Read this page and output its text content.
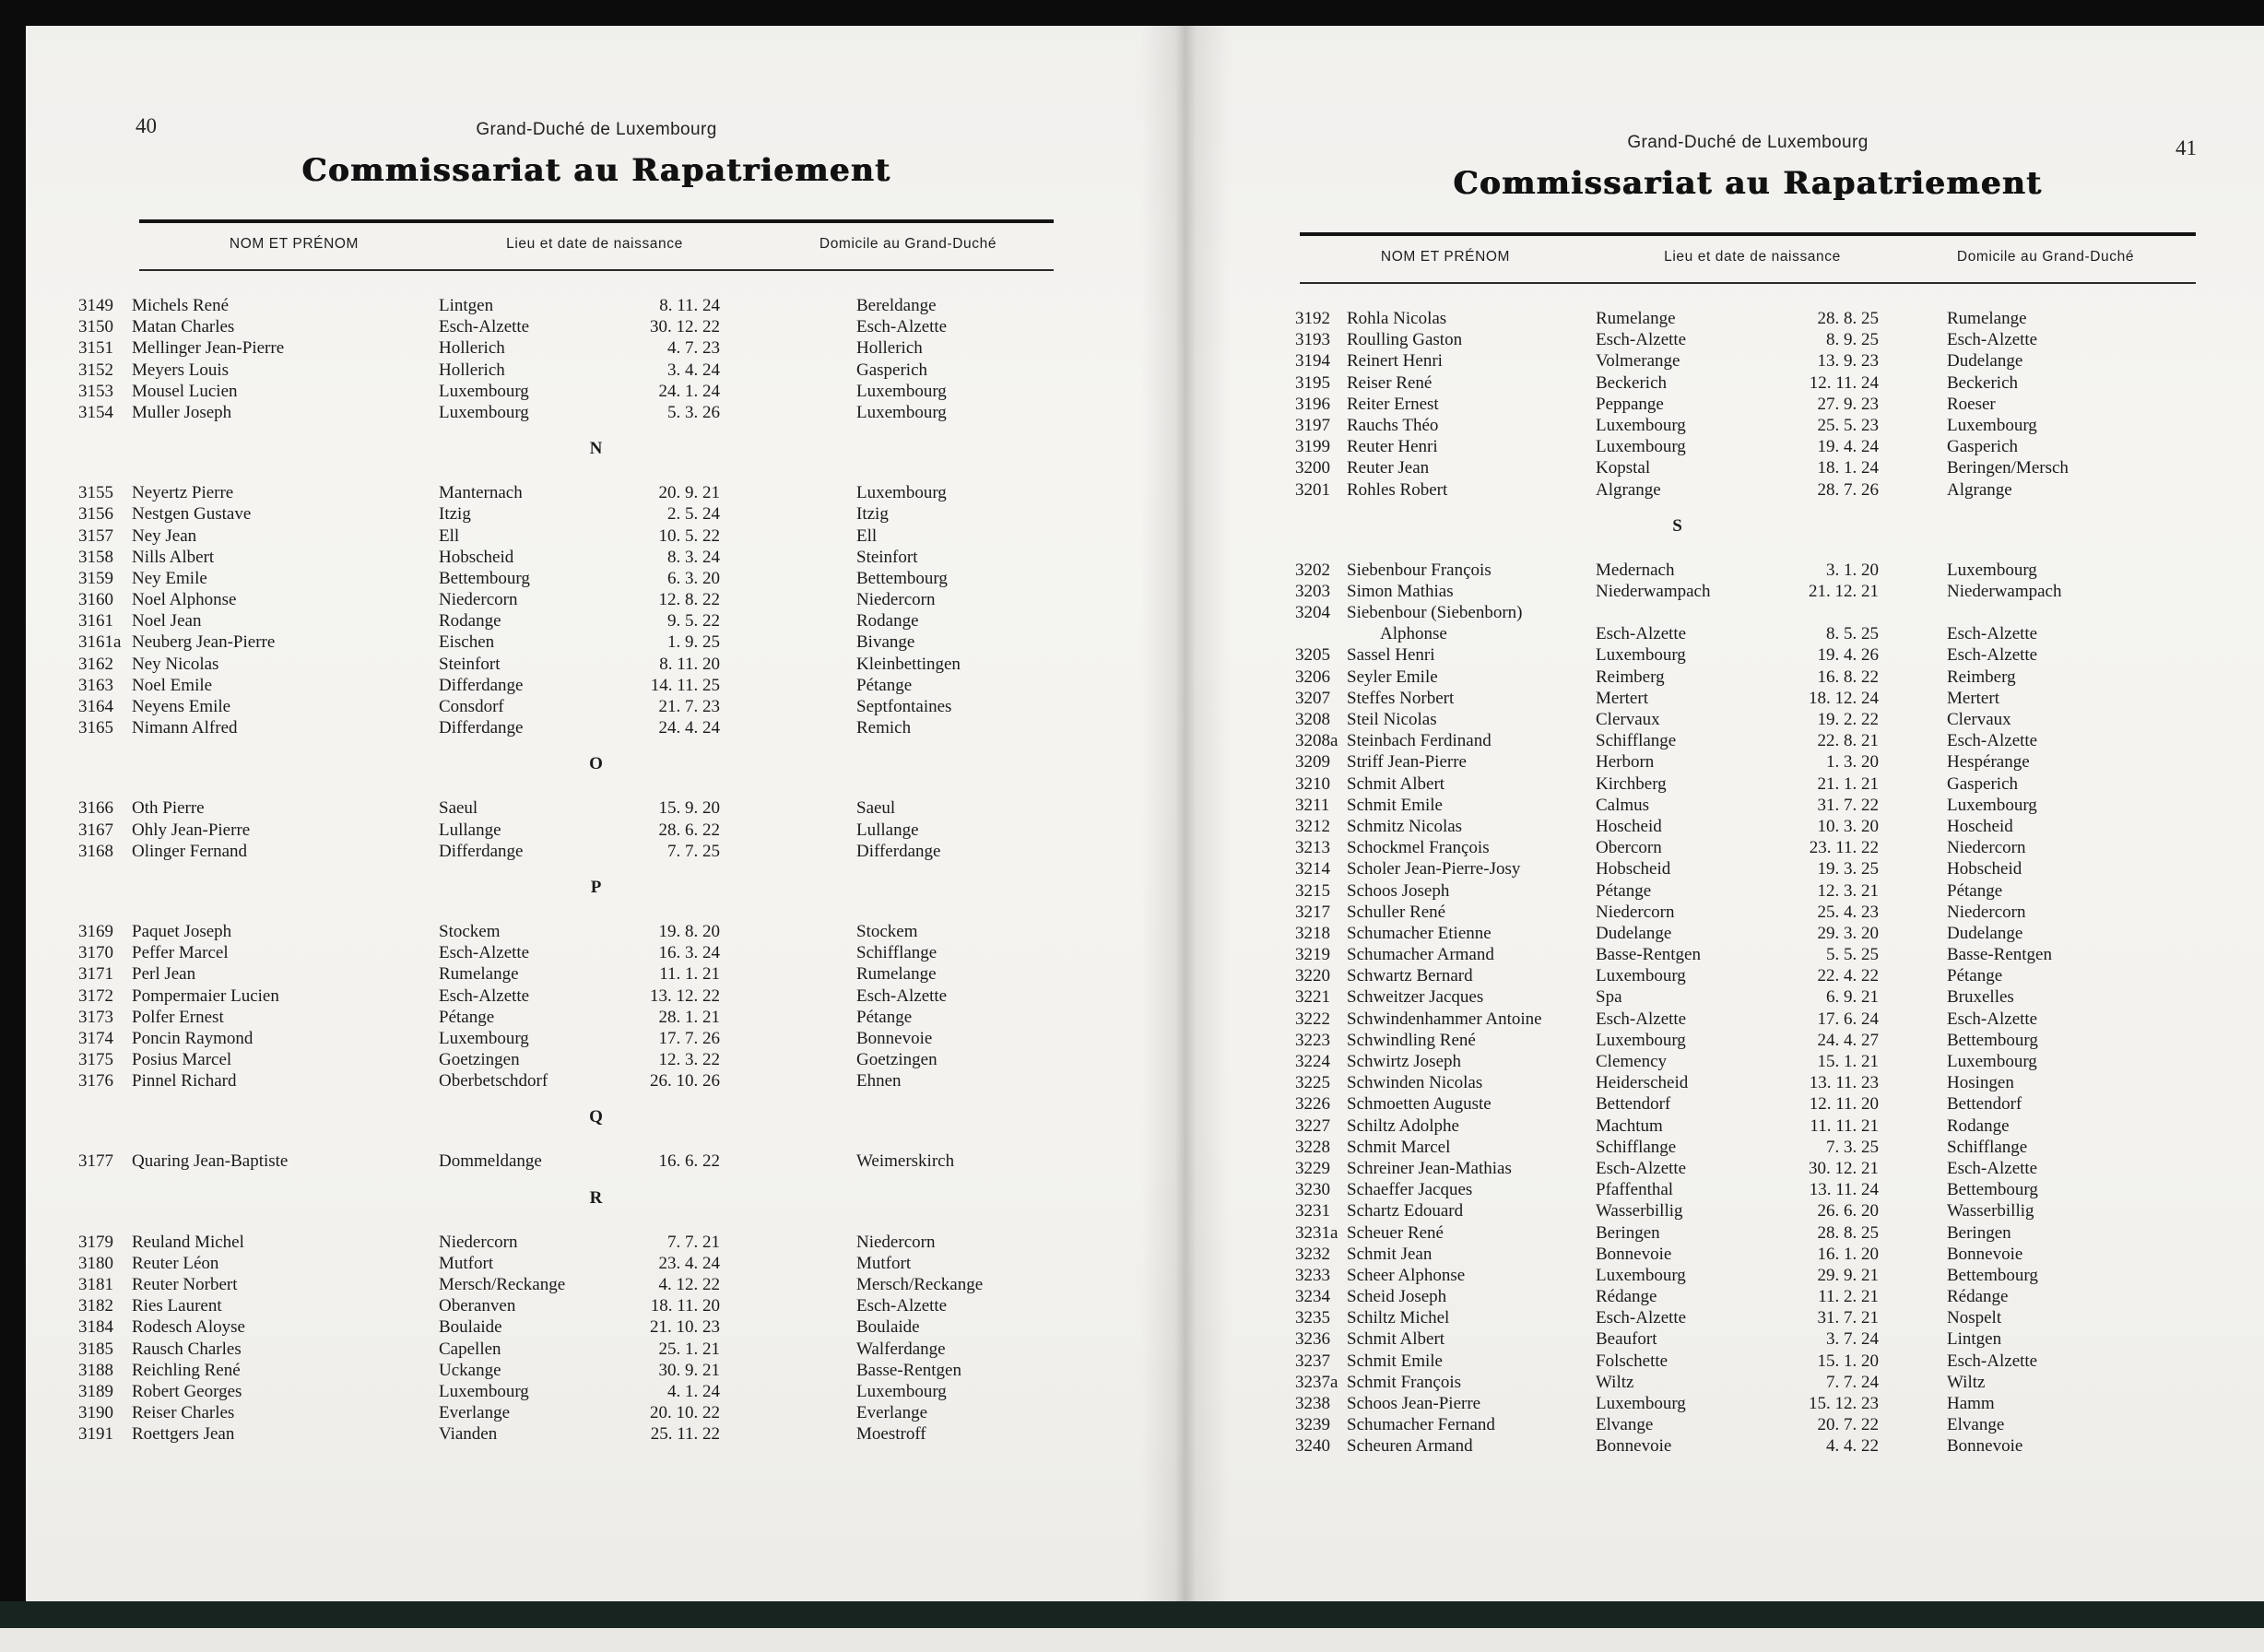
40	Grand-Duché de Luxembourg
Commissariat au Rapatriement
NOM ET PRÉNOM	Lieu et date de naissance	Domicile au Grand-Duché
3149	Michels René	Lintgen	8. 11. 24	Bereldange
3150	Matan Charles	Esch-Alzette	30. 12. 22	Esch-Alzette
3151	Mellinger Jean-Pierre	Hollerich	4. 7. 23	Hollerich
3152	Meyers Louis	Hollerich	3. 4. 24	Gasperich
3153	Mousel Lucien	Luxembourg	24. 1. 24	Luxembourg
3154	Muller Joseph	Luxembourg	5. 3. 26	Luxembourg
N
3155	Neyertz Pierre	Manternach	20. 9. 21	Luxembourg
3156	Nestgen Gustave	Itzig	2. 5. 24	Itzig
3157	Ney Jean	Ell	10. 5. 22	Ell
3158	Nills Albert	Hobscheid	8. 3. 24	Steinfort
3159	Ney Emile	Bettembourg	6. 3. 20	Bettembourg
3160	Noel Alphonse	Niedercorn	12. 8. 22	Niedercorn
3161	Noel Jean	Rodange	9. 5. 22	Rodange
3161a Neuberg Jean-Pierre	Eischen	1. 9. 25	Bivange
3162	Ney Nicolas	Steinfort	8. 11. 20	Kleinbettingen
3163	Noel Emile	Differdange	14. 11. 25	Pétange
3164	Neyens Emile	Consdorf	21. 7. 23	Septfontaines
3165	Nimann Alfred	Differdange	24. 4. 24	Remich
O
3166	Oth Pierre	Saeul	15. 9. 20	Saeul
3167	Ohly Jean-Pierre	Lullange	28. 6. 22	Lullange
3168	Olinger Fernand	Differdange	7. 7. 25	Differdange
P
3169	Paquet Joseph	Stockem	19. 8. 20	Stockem
3170	Peffer Marcel	Esch-Alzette	16. 3. 24	Schifflange
3171	Perl Jean	Rumelange	11. 1. 21	Rumelange
3172	Pompermaier Lucien	Esch-Alzette	13. 12. 22	Esch-Alzette
3173	Polfer Ernest	Pétange	28. 1. 21	Pétange
3174	Poncin Raymond	Luxembourg	17. 7. 26	Bonnevoie
3175	Posius Marcel	Goetzingen	12. 3. 22	Goetzingen
3176	Pinnel Richard	Oberbetschdorf	26. 10. 26	Ehnen
Q
3177	Quaring Jean-Baptiste	Dommeldange	16. 6. 22	Weimerskirch
R
3179	Reuland Michel	Niedercorn	7. 7. 21	Niedercorn
3180	Reuter Léon	Mutfort	23. 4. 24	Mutfort
3181	Reuter Norbert	Mersch/Reckange	4. 12. 22	Mersch/Reckange
3182	Ries Laurent	Oberanven	18. 11. 20	Esch-Alzette
3184	Rodesch Aloyse	Boulaide	21. 10. 23	Boulaide
3185	Rausch Charles	Capellen	25. 1. 21	Walferdange
3188	Reichling René	Uckange	30. 9. 21	Basse-Rentgen
3189	Robert Georges	Luxembourg	4. 1. 24	Luxembourg
3190	Reiser Charles	Everlange	20. 10. 22	Everlange
3191	Roettgers Jean	Vianden	25. 11. 22	Moestroff
41
Grand-Duché de Luxembourg
Commissariat au Rapatriement
NOM ET PRÉNOM	Lieu et date de naissance	Domicile au Grand-Duché
3192 Rohla Nicolas	Rumelange	28. 8. 25	Rumelange
3193 Roulling Gaston	Esch-Alzette	8. 9. 25	Esch-Alzette
3194 Reinert Henri	Volmerange	13. 9. 23	Dudelange
3195 Reiser René	Beckerich	12. 11. 24	Beckerich
3196 Reiter Ernest	Peppange	27. 9. 23	Roeser
3197 Rauchs Théo	Luxembourg	25. 5. 23	Luxembourg
3199 Reuter Henri	Luxembourg	19. 4. 24	Gasperich
3200 Reuter Jean	Kopstal	18. 1. 24	Beringen/Mersch
3201 Rohles Robert	Algrange	28. 7. 26	Algrange
S
3202 Siebenbour François	Medernach	3. 1. 20	Luxembourg
3203 Simon Mathias	Niederwampach	21. 12. 21	Niederwampach
3204 Siebenbour (Siebenborn)
Alphonse	Esch-Alzette	8. 5. 25	Esch-Alzette
3205 Sassel Henri	Luxembourg	19. 4. 26	Esch-Alzette
3206 Seyler Emile	Reimberg	16. 8. 22	Reimberg
3207 Steffes Norbert	Mertert	18. 12. 24	Mertert
3208 Steil Nicolas	Clervaux	19. 2. 22	Clervaux
3208a Steinbach Ferdinand	Schifflange	22. 8. 21	Esch-Alzette
3209 Striff Jean-Pierre	Herborn	1. 3. 20	Hespérange
3210 Schmit Albert	Kirchberg	21. 1. 21	Gasperich
3211 Schmit Emile	Calmus	31. 7. 22	Luxembourg
3212 Schmitz Nicolas	Hoscheid	10. 3. 20	Hoscheid
3213 Schockmel François	Obercorn	23. 11. 22	Niedercorn
3214 Scholer Jean-Pierre-Josy	Hobscheid	19. 3. 25	Hobscheid
3215 Schoos Joseph	Pétange	12. 3. 21	Pétange
3217 Schuller René	Niedercorn	25. 4. 23	Niedercorn
3218 Schumacher Etienne	Dudelange	29. 3. 20	Dudelange
3219 Schumacher Armand	Basse-Rentgen	5. 5. 25	Basse-Rentgen
3220 Schwartz Bernard	Luxembourg	22. 4. 22	Pétange
3221 Schweitzer Jacques	Spa	6. 9. 21	Bruxelles
3222 Schwindenhammer Antoine	Esch-Alzette	17. 6. 24	Esch-Alzette
3223 Schwindling René	Luxembourg	24. 4. 27	Bettembourg
3224 Schwirtz Joseph	Clemency	15. 1. 21	Luxembourg
3225 Schwinden Nicolas	Heiderscheid	13. 11. 23	Hosingen
3226 Schmoetten Auguste	Bettendorf	12. 11. 20	Bettendorf
3227 Schiltz Adolphe	Machtum	11. 11. 21	Rodange
3228 Schmit Marcel	Schifflange	7. 3. 25	Schifflange
3229 Schreiner Jean-Mathias	Esch-Alzette	30. 12. 21	Esch-Alzette
3230 Schaeffer Jacques	Pfaffenthal	13. 11. 24	Bettembourg
3231 Schartz Edouard	Wasserbillig	26. 6. 20	Wasserbillig
3231a Scheuer René	Beringen	28. 8. 25	Beringen
3232 Schmit Jean	Bonnevoie	16. 1. 20	Bonnevoie
3233 Scheer Alphonse	Luxembourg	29. 9. 21	Bettembourg
3234 Scheid Joseph	Rédange	11. 2. 21	Rédange
3235 Schiltz Michel	Esch-Alzette	31. 7. 21	Nospelt
3236 Schmit Albert	Beaufort	3. 7. 24	Lintgen
3237 Schmit Emile	Folschette	15. 1. 20	Esch-Alzette
3237a Schmit François	Wiltz	7. 7. 24	Wiltz
3238 Schoos Jean-Pierre	Luxembourg	15. 12. 23	Hamm
3239 Schumacher Fernand	Elvange	20. 7. 22	Elvange
3240 Scheuren Armand	Bonnevoie	4. 4. 22	Bonnevoie
